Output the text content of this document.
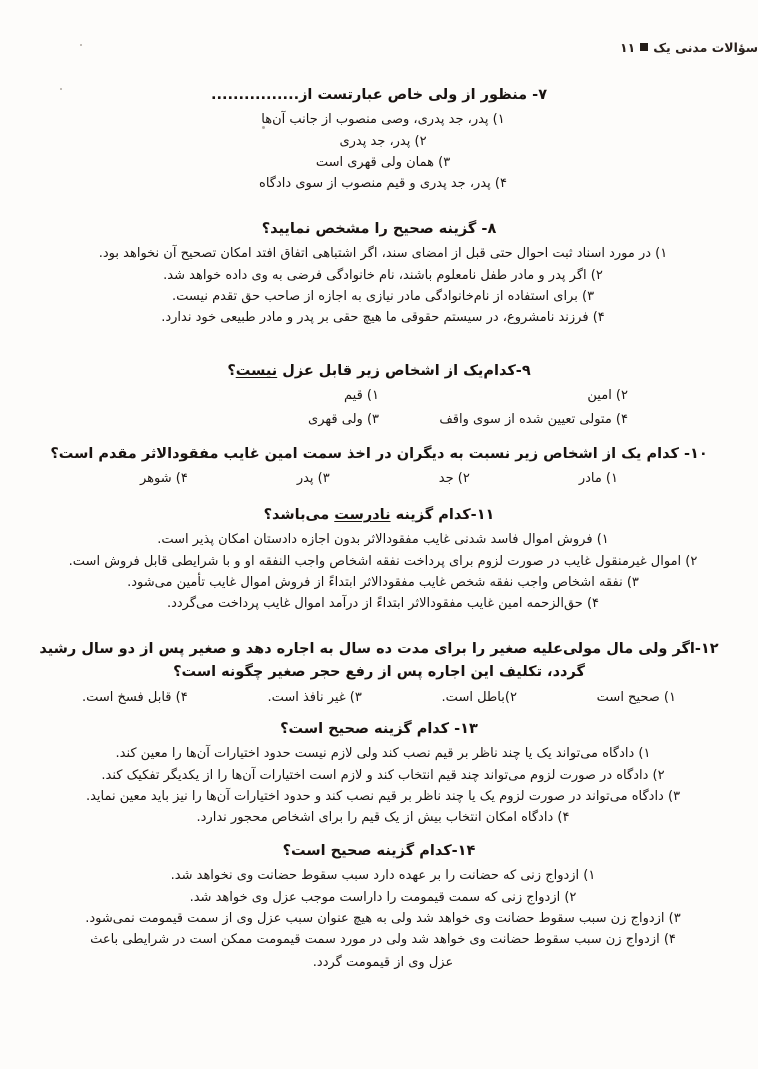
سؤالات مدنی یک
۱۱

۷- منظور از ولی خاص عبارتست از................

۱) پدر، جد پدری، وصی منصوب از جانب آن‌ها
۲) پدر، جد پدری
۳) همان ولی قهری است
۴) پدر، جد پدری و قیم منصوب از سوی دادگاه

۸- گزینه صحیح را مشخص نمایید؟

۱) در مورد اسناد ثبت احوال حتی قبل از امضای سند، اگر اشتباهی اتفاق افتد امکان تصحیح آن نخواهد بود.
۲) اگر پدر و مادر طفل نامعلوم باشند، نام خانوادگی فرضی به وی داده خواهد شد.
۳) برای استفاده از نام‌خانوادگی مادر نیازی به اجازه از صاحب حق تقدم نیست.
۴) فرزند نامشروع، در سیستم حقوقی ما هیچ حقی بر پدر و مادر طبیعی خود ندارد.

۹-کدام‌یک از اشخاص زیر قابل عزل نیست؟

۲) امین
۱) قیم
۴) متولی تعیین شده از سوی واقف
۳) ولی قهری

۱۰- کدام یک از اشخاص زیر نسبت به دیگران در اخذ سمت امین غایب مفقودالاثر مقدم است؟

۱) مادر
۲) جد
۳) پدر
۴) شوهر

۱۱-کدام گزینه نادرست می‌باشد؟

۱) فروش اموال فاسد شدنی غایب مفقودالاثر بدون اجازه دادستان امکان پذیر است.
۲) اموال غیرمنقول غایب در صورت لزوم برای پرداخت نفقه اشخاص واجب النفقه او و با شرایطی قابل فروش است.
۳) نفقه اشخاص واجب نفقه شخص غایب مفقودالاثر ابتداءً از فروش اموال غایب تأمین می‌شود.
۴) حق‌الزحمه امین غایب مفقودالاثر ابتداءً از درآمد اموال غایب پرداخت می‌گردد.

۱۲-اگر ولی مال مولی‌علیه صغیر را برای مدت ده سال به اجاره دهد و صغیر پس از دو سال رشید

گردد، تکلیف این اجاره پس از رفع حجر صغیر چگونه است؟

۱) صحیح است
۲)باطل است.
۳) غیر نافذ است.
۴) قابل فسخ است.

۱۳- کدام گزینه صحیح است؟

۱) دادگاه می‌تواند یک یا چند ناظر بر قیم نصب کند ولی لازم نیست حدود اختیارات آن‌ها را معین کند.
۲) دادگاه در صورت لزوم می‌تواند چند قیم انتخاب کند و لازم است اختیارات آن‌ها را از یکدیگر تفکیک کند.
۳) دادگاه می‌تواند در صورت لزوم یک یا چند ناظر بر قیم نصب کند و حدود اختیارات آن‌ها را نیز باید معین نماید.
۴) دادگاه امکان انتخاب بیش از یک قیم را برای اشخاص محجور ندارد.

۱۴-کدام گزینه صحیح است؟

۱) ازدواج زنی که حضانت را بر عهده دارد سبب سقوط حضانت وی نخواهد شد.
۲) ازدواج زنی که سمت قیمومت را داراست موجب عزل وی خواهد شد.
۳) ازدواج زن سبب سقوط حضانت وی خواهد شد ولی به هیچ عنوان سبب عزل وی از سمت قیمومت نمی‌شود.
۴) ازدواج زن سبب سقوط حضانت وی خواهد شد ولی در مورد سمت قیمومت ممکن است در شرایطی باعث
عزل وی از قیمومت گردد.
